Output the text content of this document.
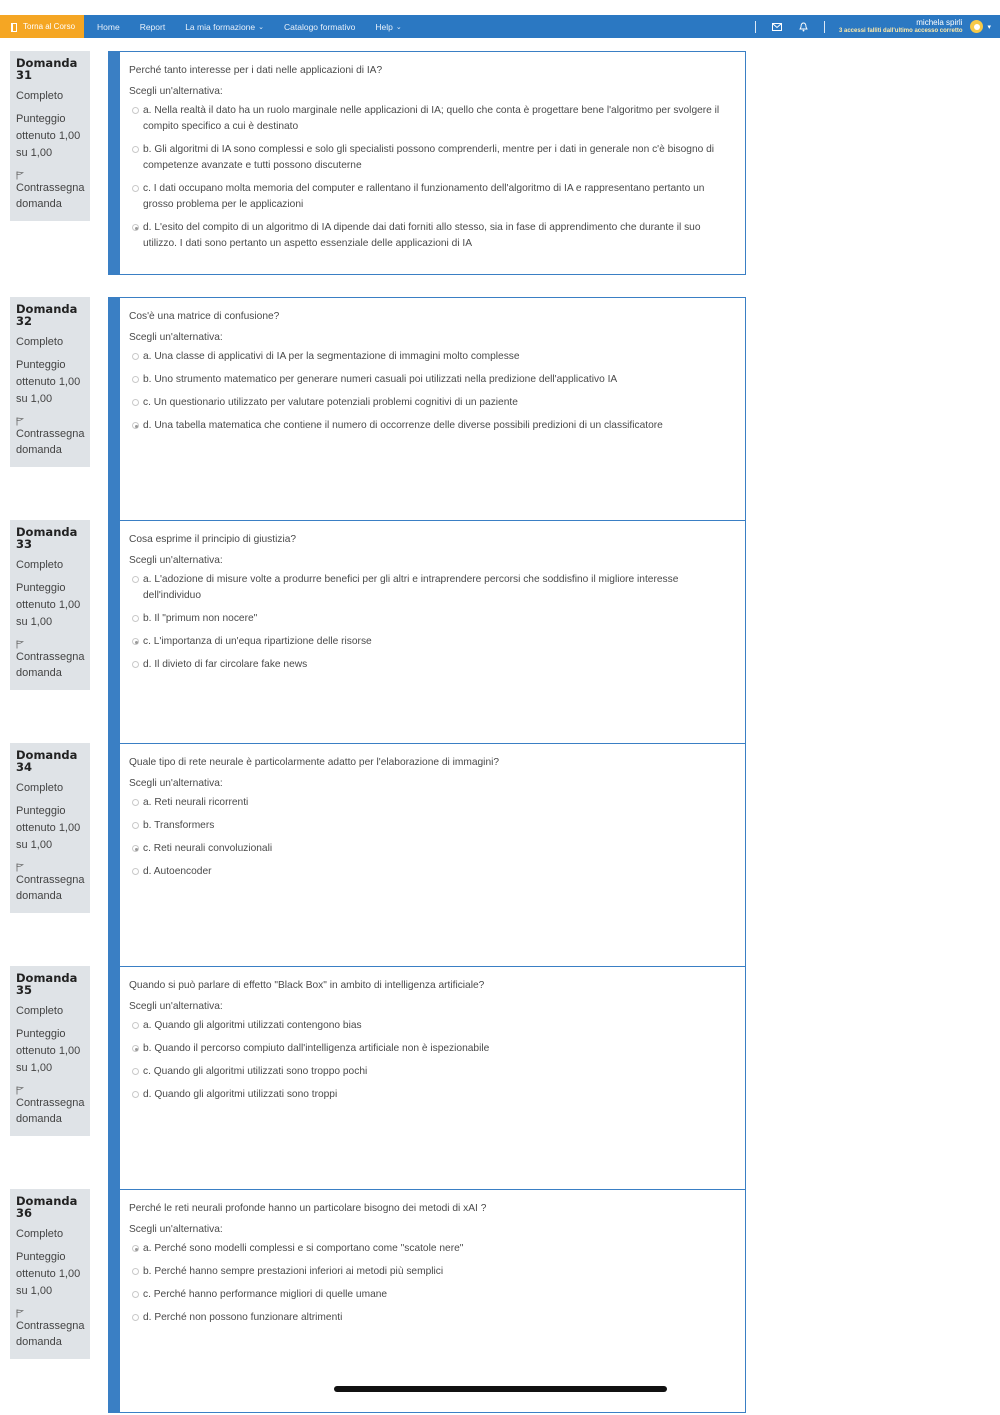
Torna al Corso	Home Report La mia formazione ⌄ Catalogo formativo Help ⌄
michela spirli
3 accessi falliti dall'ultimo accesso corretto	▾
Domanda
31
Completo
Punteggio ottenuto 1,00 su 1,00
Contrassegna domanda
Perché tanto interesse per i dati nelle applicazioni di IA?
Scegli un'alternativa:
a. Nella realtà il dato ha un ruolo marginale nelle applicazioni di IA; quello che conta è progettare bene l'algoritmo per svolgere il compito specifico a cui è destinato
b. Gli algoritmi di IA sono complessi e solo gli specialisti possono comprenderli, mentre per i dati in generale non c'è bisogno di competenze avanzate e tutti possono discuterne
c. I dati occupano molta memoria del computer e rallentano il funzionamento dell'algoritmo di IA e rappresentano pertanto un grosso problema per le applicazioni
d. L'esito del compito di un algoritmo di IA dipende dai dati forniti allo stesso, sia in fase di apprendimento che durante il suo utilizzo. I dati sono pertanto un aspetto essenziale delle applicazioni di IA
Domanda
32
Completo
Punteggio ottenuto 1,00 su 1,00
Contrassegna domanda
Cos'è una matrice di confusione?
Scegli un'alternativa:
a. Una classe di applicativi di IA per la segmentazione di immagini molto complesse
b. Uno strumento matematico per generare numeri casuali poi utilizzati nella predizione dell'applicativo IA
c. Un questionario utilizzato per valutare potenziali problemi cognitivi di un paziente
d. Una tabella matematica che contiene il numero di occorrenze delle diverse possibili predizioni di un classificatore
Domanda
33
Completo
Punteggio ottenuto 1,00 su 1,00
Contrassegna domanda
Cosa esprime il principio di giustizia?
Scegli un'alternativa:
a. L'adozione di misure volte a produrre benefici per gli altri e intraprendere percorsi che soddisfino il migliore interesse dell'individuo
b. Il "primum non nocere"
c. L'importanza di un'equa ripartizione delle risorse
d. Il divieto di far circolare fake news
Domanda
34
Completo
Punteggio ottenuto 1,00 su 1,00
Contrassegna domanda
Quale tipo di rete neurale è particolarmente adatto per l'elaborazione di immagini?
Scegli un'alternativa:
a. Reti neurali ricorrenti
b. Transformers
c. Reti neurali convoluzionali
d. Autoencoder
Domanda
35
Completo
Punteggio ottenuto 1,00 su 1,00
Contrassegna domanda
Quando si può parlare di effetto "Black Box" in ambito di intelligenza artificiale?
Scegli un'alternativa:
a. Quando gli algoritmi utilizzati contengono bias
b. Quando il percorso compiuto dall'intelligenza artificiale non è ispezionabile
c. Quando gli algoritmi utilizzati sono troppo pochi
d. Quando gli algoritmi utilizzati sono troppi
Domanda
36
Completo
Punteggio ottenuto 1,00 su 1,00
Contrassegna domanda
Perché le reti neurali profonde hanno un particolare bisogno dei metodi di xAI ?
Scegli un'alternativa:
a. Perché sono modelli complessi e si comportano come "scatole nere"
b. Perché hanno sempre prestazioni inferiori ai metodi più semplici
c. Perché hanno performance migliori di quelle umane
d. Perché non possono funzionare altrimenti
